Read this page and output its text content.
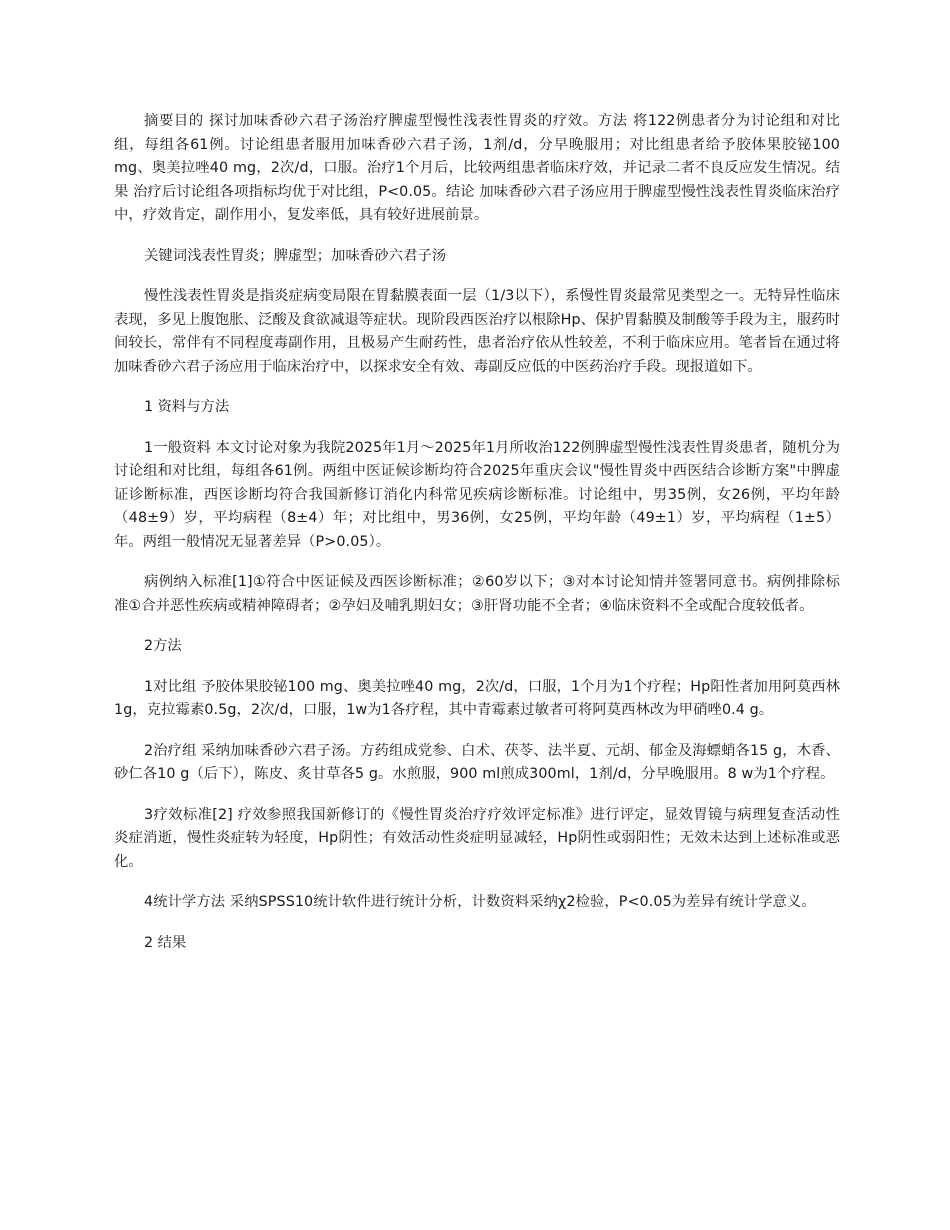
摘要目的 探讨加味香砂六君子汤治疗脾虚型慢性浅表性胃炎的疗效。方法 将122例患者分为讨论组和对比组，每组各61例。讨论组患者服用加味香砂六君子汤，1剂/d，分早晚服用；对比组患者给予胶体果胶铋100 mg、奥美拉唑40 mg，2次/d，口服。治疗1个月后，比较两组患者临床疗效，并记录二者不良反应发生情况。结果 治疗后讨论组各项指标均优于对比组，P<0.05。结论 加味香砂六君子汤应用于脾虚型慢性浅表性胃炎临床治疗中，疗效肯定，副作用小，复发率低，具有较好进展前景。

关键词浅表性胃炎；脾虚型；加味香砂六君子汤

慢性浅表性胃炎是指炎症病变局限在胃黏膜表面一层（1/3以下），系慢性胃炎最常见类型之一。无特异性临床表现，多见上腹饱胀、泛酸及食欲减退等症状。现阶段西医治疗以根除Hp、保护胃黏膜及制酸等手段为主，服药时间较长，常伴有不同程度毒副作用，且极易产生耐药性，患者治疗依从性较差，不利于临床应用。笔者旨在通过将加味香砂六君子汤应用于临床治疗中，以探求安全有效、毒副反应低的中医药治疗手段。现报道如下。

1 资料与方法

1一般资料 本文讨论对象为我院2025年1月～2025年1月所收治122例脾虚型慢性浅表性胃炎患者，随机分为讨论组和对比组，每组各61例。两组中医证候诊断均符合2025年重庆会议"慢性胃炎中西医结合诊断方案"中脾虚证诊断标准，西医诊断均符合我国新修订消化内科常见疾病诊断标准。讨论组中，男35例，女26例，平均年龄（48±9）岁，平均病程（8±4）年；对比组中，男36例，女25例，平均年龄（49±1）岁，平均病程（1±5）年。两组一般情况无显著差异（P>0.05）。

病例纳入标准[1]①符合中医证候及西医诊断标准；②60岁以下；③对本讨论知情并签署同意书。病例排除标准①合并恶性疾病或精神障碍者；②孕妇及哺乳期妇女；③肝肾功能不全者；④临床资料不全或配合度较低者。

2方法

1对比组 予胶体果胶铋100 mg、奥美拉唑40 mg，2次/d，口服，1个月为1个疗程；Hp阳性者加用阿莫西林1g，克拉霉素0.5g，2次/d，口服，1w为1各疗程，其中青霉素过敏者可将阿莫西林改为甲硝唑0.4 g。

2治疗组 采纳加味香砂六君子汤。方药组成党参、白术、茯苓、法半夏、元胡、郁金及海螵蛸各15 g，木香、砂仁各10 g（后下），陈皮、炙甘草各5 g。水煎服，900 ml煎成300ml，1剂/d，分早晚服用。8 w为1个疗程。

3疗效标准[2] 疗效参照我国新修订的《慢性胃炎治疗疗效评定标准》进行评定，显效胃镜与病理复查活动性炎症消逝，慢性炎症转为轻度，Hp阴性；有效活动性炎症明显减轻，Hp阴性或弱阳性；无效未达到上述标准或恶化。

4统计学方法 采纳SPSS10统计软件进行统计分析，计数资料采纳χ2检验，P<0.05为差异有统计学意义。

2 结果
